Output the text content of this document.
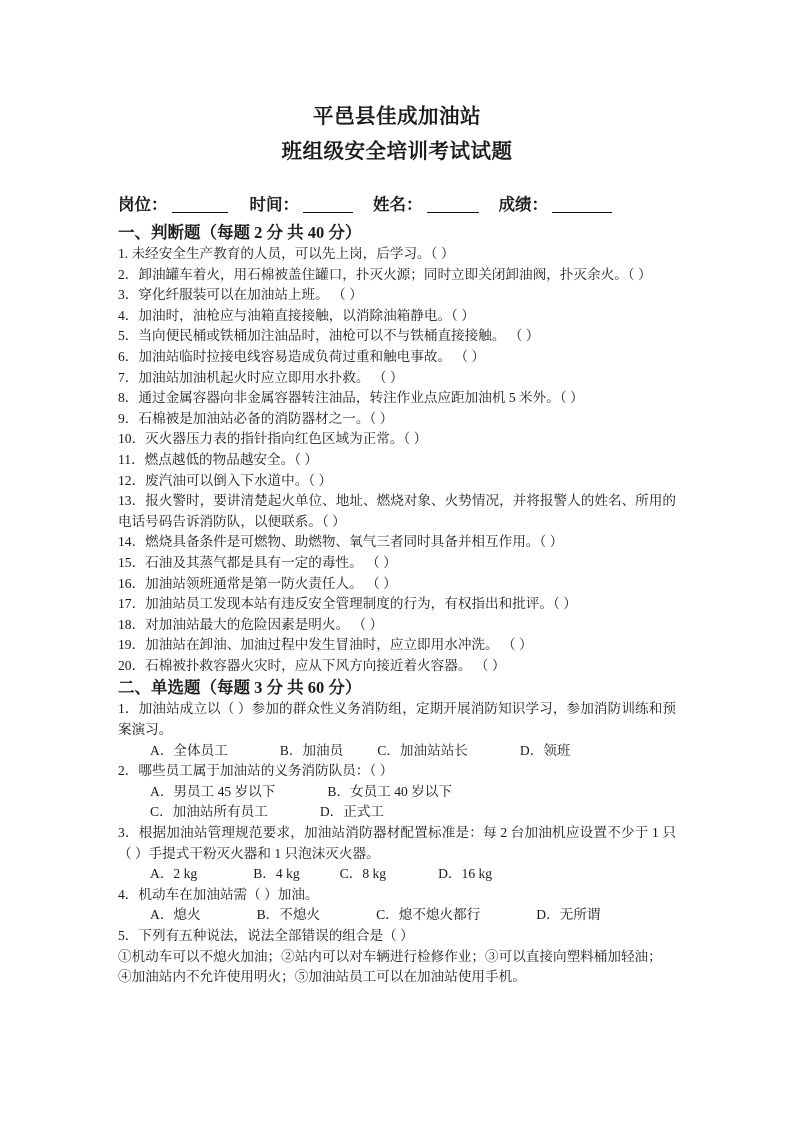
平邑县佳成加油站
班组级安全培训考试试题
岗位：	时间：	姓名：	成绩：
一、判断题（每题 2 分 共 40 分）
1. 未经安全生产教育的人员，可以先上岗，后学习。（ ）
2．卸油罐车着火，用石棉被盖住罐口，扑灭火源；同时立即关闭卸油阀，扑灭余火。（ ）
3．穿化纤服装可以在加油站上班。 （ ）
4．加油时，油枪应与油箱直接接触，以消除油箱静电。（ ）
5．当向便民桶或铁桶加注油品时，油枪可以不与铁桶直接接触。 （ ）
6．加油站临时拉接电线容易造成负荷过重和触电事故。 （ ）
7．加油站加油机起火时应立即用水扑救。 （ ）
8．通过金属容器向非金属容器转注油品，转注作业点应距加油机 5 米外。（ ）
9．石棉被是加油站必备的消防器材之一。（ ）
10．灭火器压力表的指针指向红色区域为正常。（ ）
11．燃点越低的物品越安全。（ ）
12．废汽油可以倒入下水道中。（ ）
13．报火警时，要讲清楚起火单位、地址、燃烧对象、火势情况，并将报警人的姓名、所用的电话号码告诉消防队，以便联系。（ ）
14．燃烧具备条件是可燃物、助燃物、氧气三者同时具备并相互作用。（ ）
15．石油及其蒸气都是具有一定的毒性。 （ ）
16．加油站领班通常是第一防火责任人。 （ ）
17．加油站员工发现本站有违反安全管理制度的行为，有权指出和批评。（ ）
18．对加油站最大的危险因素是明火。 （ ）
19．加油站在卸油、加油过程中发生冒油时，应立即用水冲洗。 （ ）
20．石棉被扑救容器火灾时，应从下风方向接近着火容器。 （ ）
二、单选题（每题 3 分 共 60 分）
1．加油站成立以（ ）参加的群众性义务消防组，定期开展消防知识学习，参加消防训练和预案演习。
A．全体员工	B．加油员	C．加油站站长	D．领班
2．哪些员工属于加油站的义务消防队员：（ ）
A．男员工 45 岁以下	B．女员工 40 岁以下
C．加油站所有员工	D．正式工
3．根据加油站管理规范要求，加油站消防器材配置标准是：每 2 台加油机应设置不少于 1 只（ ）手提式干粉灭火器和 1 只泡沫灭火器。
A．2 kg	B．4 kg	C．8 kg	D．16 kg
4．机动车在加油站需（ ）加油。
A．熄火	B．不熄火	C．熄不熄火都行	D．无所谓
5．下列有五种说法，说法全部错误的组合是（ ）
①机动车可以不熄火加油；②站内可以对车辆进行检修作业；③可以直接向塑料桶加轻油；
④加油站内不允许使用明火；⑤加油站员工可以在加油站使用手机。
